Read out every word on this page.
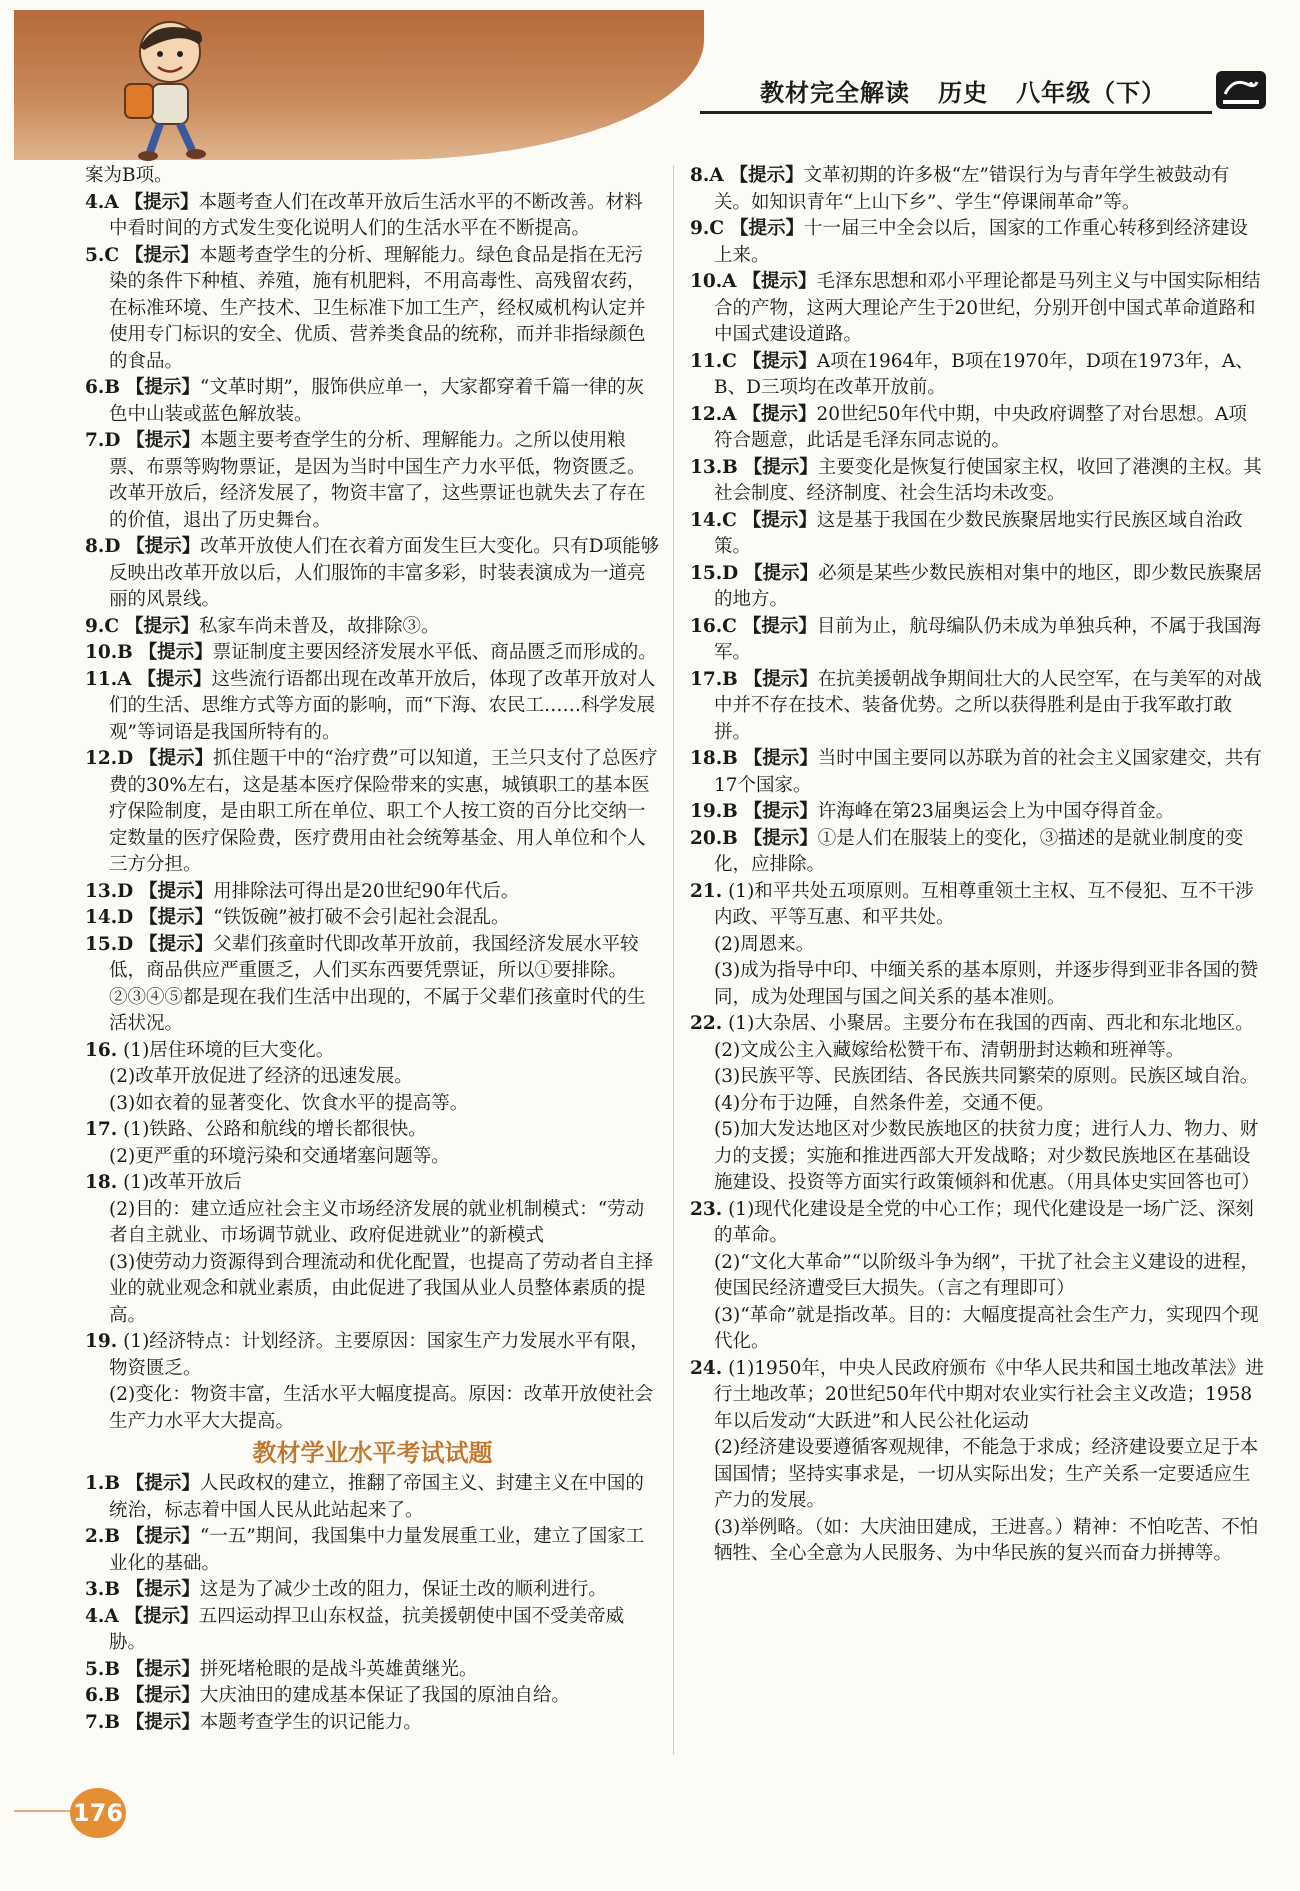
教材完全解读   历史   八年级（下）

案为B项。

4.A 【提示】本题考查人们在改革开放后生活水平的不断改善。材料中看时间的方式发生变化说明人们的生活水平在不断提高。

5.C 【提示】本题考查学生的分析、理解能力。绿色食品是指在无污染的条件下种植、养殖，施有机肥料，不用高毒性、高残留农药，在标准环境、生产技术、卫生标准下加工生产，经权威机构认定并使用专门标识的安全、优质、营养类食品的统称，而并非指绿颜色的食品。

6.B 【提示】“文革时期”，服饰供应单一，大家都穿着千篇一律的灰色中山装或蓝色解放装。

7.D 【提示】本题主要考查学生的分析、理解能力。之所以使用粮票、布票等购物票证，是因为当时中国生产力水平低，物资匮乏。改革开放后，经济发展了，物资丰富了，这些票证也就失去了存在的价值，退出了历史舞台。

8.D 【提示】改革开放使人们在衣着方面发生巨大变化。只有D项能够反映出改革开放以后，人们服饰的丰富多彩，时装表演成为一道亮丽的风景线。

9.C 【提示】私家车尚未普及，故排除③。

10.B 【提示】票证制度主要因经济发展水平低、商品匮乏而形成的。

11.A 【提示】这些流行语都出现在改革开放后，体现了改革开放对人们的生活、思维方式等方面的影响，而“下海、农民工……科学发展观”等词语是我国所特有的。

12.D 【提示】抓住题干中的“治疗费”可以知道，王兰只支付了总医疗费的30%左右，这是基本医疗保险带来的实惠，城镇职工的基本医疗保险制度，是由职工所在单位、职工个人按工资的百分比交纳一定数量的医疗保险费，医疗费用由社会统筹基金、用人单位和个人三方分担。

13.D 【提示】用排除法可得出是20世纪90年代后。

14.D 【提示】“铁饭碗”被打破不会引起社会混乱。

15.D 【提示】父辈们孩童时代即改革开放前，我国经济发展水平较低，商品供应严重匮乏，人们买东西要凭票证，所以①要排除。②③④⑤都是现在我们生活中出现的，不属于父辈们孩童时代的生活状况。

16. (1)居住环境的巨大变化。

(2)改革开放促进了经济的迅速发展。

(3)如衣着的显著变化、饮食水平的提高等。

17. (1)铁路、公路和航线的增长都很快。

(2)更严重的环境污染和交通堵塞问题等。

18. (1)改革开放后

(2)目的：建立适应社会主义市场经济发展的就业机制模式：“劳动者自主就业、市场调节就业、政府促进就业”的新模式

(3)使劳动力资源得到合理流动和优化配置，也提高了劳动者自主择业的就业观念和就业素质，由此促进了我国从业人员整体素质的提高。

19. (1)经济特点：计划经济。主要原因：国家生产力发展水平有限，物资匮乏。

(2)变化：物资丰富，生活水平大幅度提高。原因：改革开放使社会生产力水平大大提高。

教材学业水平考试试题

1.B 【提示】人民政权的建立，推翻了帝国主义、封建主义在中国的统治，标志着中国人民从此站起来了。

2.B 【提示】“一五”期间，我国集中力量发展重工业，建立了国家工业化的基础。

3.B 【提示】这是为了减少土改的阻力，保证土改的顺利进行。

4.A 【提示】五四运动捍卫山东权益，抗美援朝使中国不受美帝威胁。

5.B 【提示】拼死堵枪眼的是战斗英雄黄继光。

6.B 【提示】大庆油田的建成基本保证了我国的原油自给。

7.B 【提示】本题考查学生的识记能力。

8.A 【提示】文革初期的许多极“左”错误行为与青年学生被鼓动有关。如知识青年“上山下乡”、学生“停课闹革命”等。

9.C 【提示】十一届三中全会以后，国家的工作重心转移到经济建设上来。

10.A 【提示】毛泽东思想和邓小平理论都是马列主义与中国实际相结合的产物，这两大理论产生于20世纪，分别开创中国式革命道路和中国式建设道路。

11.C 【提示】A项在1964年，B项在1970年，D项在1973年，A、B、D三项均在改革开放前。

12.A 【提示】20世纪50年代中期，中央政府调整了对台思想。A项符合题意，此话是毛泽东同志说的。

13.B 【提示】主要变化是恢复行使国家主权，收回了港澳的主权。其社会制度、经济制度、社会生活均未改变。

14.C 【提示】这是基于我国在少数民族聚居地实行民族区域自治政策。

15.D 【提示】必须是某些少数民族相对集中的地区，即少数民族聚居的地方。

16.C 【提示】目前为止，航母编队仍未成为单独兵种，不属于我国海军。

17.B 【提示】在抗美援朝战争期间壮大的人民空军，在与美军的对战中并不存在技术、装备优势。之所以获得胜利是由于我军敢打敢拼。

18.B 【提示】当时中国主要同以苏联为首的社会主义国家建交，共有17个国家。

19.B 【提示】许海峰在第23届奥运会上为中国夺得首金。

20.B 【提示】①是人们在服装上的变化，③描述的是就业制度的变化，应排除。

21. (1)和平共处五项原则。互相尊重领土主权、互不侵犯、互不干涉内政、平等互惠、和平共处。

(2)周恩来。

(3)成为指导中印、中缅关系的基本原则，并逐步得到亚非各国的赞同，成为处理国与国之间关系的基本准则。

22. (1)大杂居、小聚居。主要分布在我国的西南、西北和东北地区。

(2)文成公主入藏嫁给松赞干布、清朝册封达赖和班禅等。

(3)民族平等、民族团结、各民族共同繁荣的原则。民族区域自治。

(4)分布于边陲，自然条件差，交通不便。

(5)加大发达地区对少数民族地区的扶贫力度；进行人力、物力、财力的支援；实施和推进西部大开发战略；对少数民族地区在基础设施建设、投资等方面实行政策倾斜和优惠。（用具体史实回答也可）

23. (1)现代化建设是全党的中心工作；现代化建设是一场广泛、深刻的革命。

(2)“文化大革命”“以阶级斗争为纲”，干扰了社会主义建设的进程，使国民经济遭受巨大损失。（言之有理即可）

(3)“革命”就是指改革。目的：大幅度提高社会生产力，实现四个现代化。

24. (1)1950年，中央人民政府颁布《中华人民共和国土地改革法》进行土地改革；20世纪50年代中期对农业实行社会主义改造；1958年以后发动“大跃进”和人民公社化运动

(2)经济建设要遵循客观规律，不能急于求成；经济建设要立足于本国国情；坚持实事求是，一切从实际出发；生产关系一定要适应生产力的发展。

(3)举例略。（如：大庆油田建成，王进喜。）精神：不怕吃苦、不怕牺牲、全心全意为人民服务、为中华民族的复兴而奋力拼搏等。

176
